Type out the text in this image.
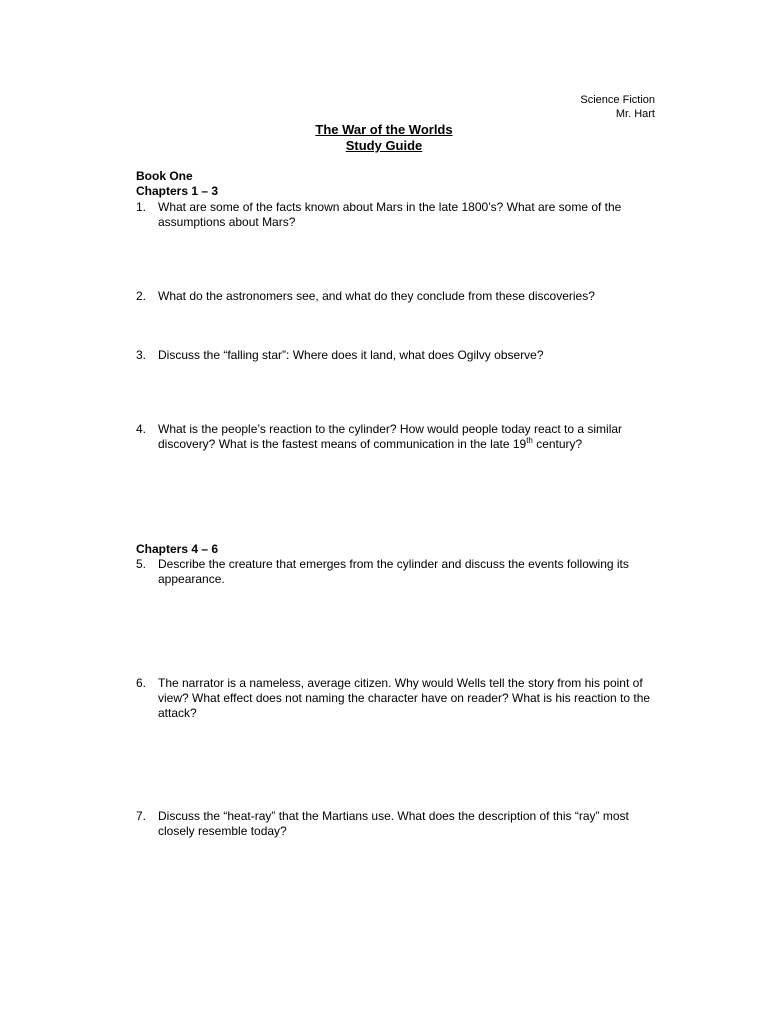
Science Fiction
Mr. Hart
The War of the Worlds
Study Guide
Book One
Chapters 1 – 3
1. What are some of the facts known about Mars in the late 1800’s? What are some of the assumptions about Mars?
2. What do the astronomers see, and what do they conclude from these discoveries?
3. Discuss the “falling star”: Where does it land, what does Ogilvy observe?
4. What is the people’s reaction to the cylinder? How would people today react to a similar discovery? What is the fastest means of communication in the late 19th century?
Chapters 4 – 6
5. Describe the creature that emerges from the cylinder and discuss the events following its appearance.
6. The narrator is a nameless, average citizen. Why would Wells tell the story from his point of view? What effect does not naming the character have on reader? What is his reaction to the attack?
7. Discuss the “heat-ray” that the Martians use. What does the description of this “ray” most closely resemble today?
